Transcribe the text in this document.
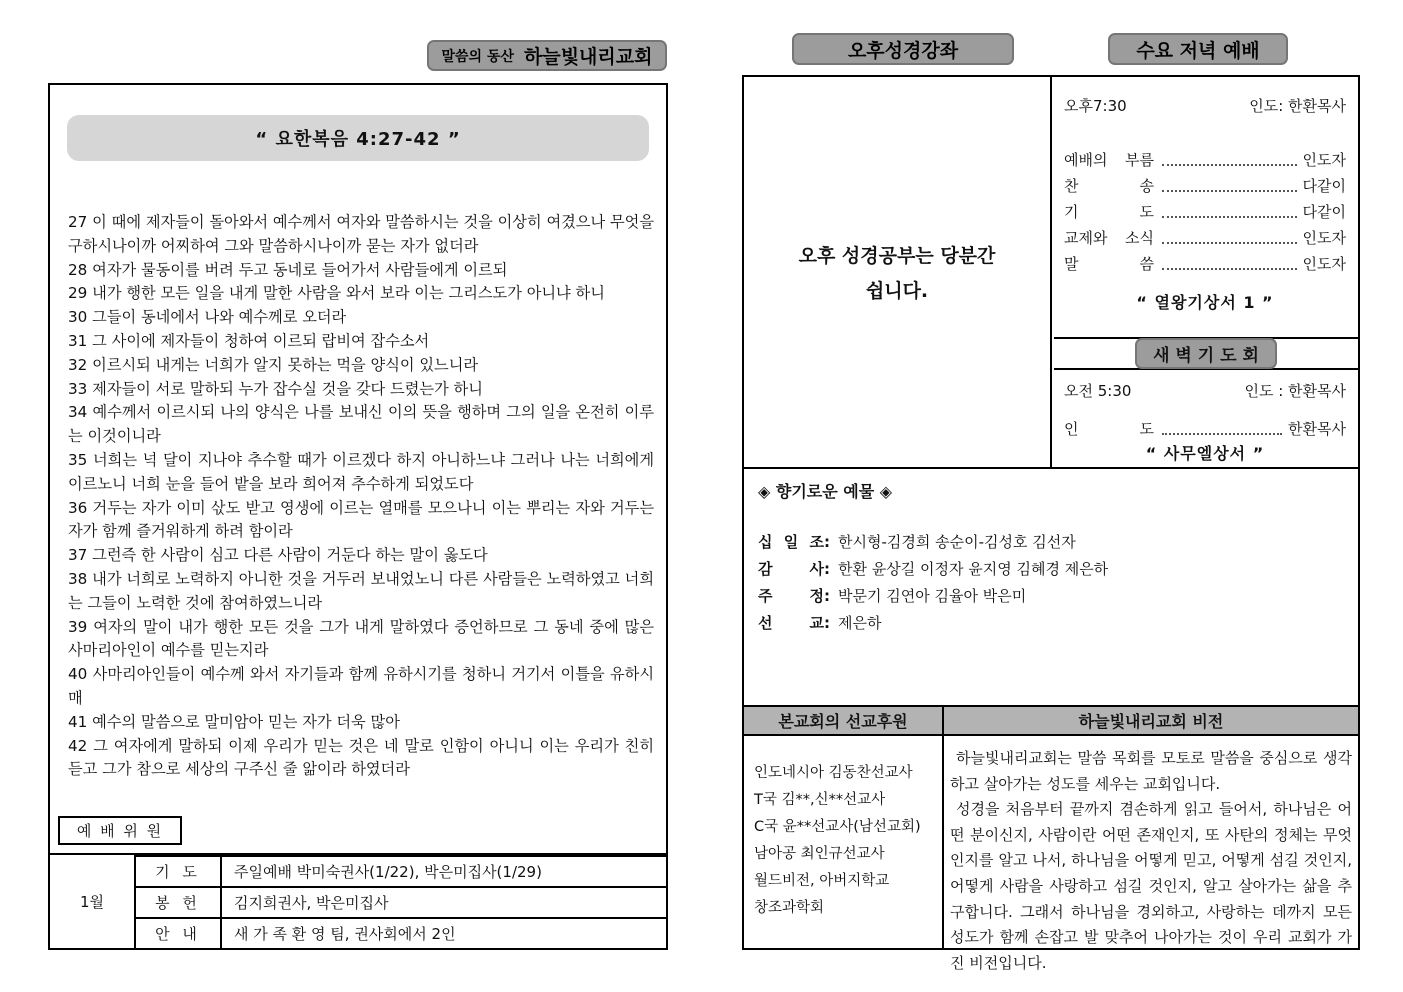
말씀의 동산 하늘빛내리교회
“ 요한복음 4:27-42 ”

27 이 때에 제자들이 돌아와서 예수께서 여자와 말씀하시는 것을 이상히 여겼으나 무엇을 구하시나이까 어찌하여 그와 말씀하시나이까 묻는 자가 없더라

28 여자가 물동이를 버려 두고 동네로 들어가서 사람들에게 이르되

29 내가 행한 모든 일을 내게 말한 사람을 와서 보라 이는 그리스도가 아니냐 하니

30 그들이 동네에서 나와 예수께로 오더라

31 그 사이에 제자들이 청하여 이르되 랍비여 잡수소서

32 이르시되 내게는 너희가 알지 못하는 먹을 양식이 있느니라

33 제자들이 서로 말하되 누가 잡수실 것을 갖다 드렸는가 하니

34 예수께서 이르시되 나의 양식은 나를 보내신 이의 뜻을 행하며 그의 일을 온전히 이루는 이것이니라

35 너희는 넉 달이 지나야 추수할 때가 이르겠다 하지 아니하느냐 그러나 나는 너희에게 이르노니 너희 눈을 들어 밭을 보라 희어져 추수하게 되었도다

36 거두는 자가 이미 삯도 받고 영생에 이르는 열매를 모으나니 이는 뿌리는 자와 거두는 자가 함께 즐거워하게 하려 함이라

37 그런즉 한 사람이 심고 다른 사람이 거둔다 하는 말이 옳도다

38 내가 너희로 노력하지 아니한 것을 거두러 보내었노니 다른 사람들은 노력하였고 너희는 그들이 노력한 것에 참여하였느니라

39 여자의 말이 내가 행한 모든 것을 그가 내게 말하였다 증언하므로 그 동네 중에 많은 사마리아인이 예수를 믿는지라

40 사마리아인들이 예수께 와서 자기들과 함께 유하시기를 청하니 거기서 이틀을 유하시매

41 예수의 말씀으로 말미암아 믿는 자가 더욱 많아

42 그 여자에게 말하되 이제 우리가 믿는 것은 네 말로 인함이 아니니 이는 우리가 친히 듣고 그가 참으로 세상의 구주신 줄 앎이라 하였더라

예 배 위 원
1월
기 도	주일예배 박미숙권사(1/22), 박은미집사(1/29)
봉 헌	김지희권사, 박은미집사
안 내	새 가 족 환 영 팀, 권사회에서 2인
오후성경강좌	수요 저녁 예배
오후 성경공부는 당분간
쉽니다.
오후7:30	인도: 한환목사
예배의 부름	인도자
찬 송	다같이
기 도	다같이
교제와 소식	인도자
말 씀	인도자
“ 열왕기상서 1 ”
새 벽 기 도 회
오전 5:30	인도 : 한환목사
인 도	한환목사
“ 사무엘상서 ”
◈ 향기로운 예물 ◈
십 일 조: 한시형-김경희 송순이-김성호 김선자
감 사: 한환 윤상길 이정자 윤지영 김혜경 제은하
주 정: 박문기 김연아 김율아 박은미
선 교: 제은하
본교회의 선교후원	하늘빛내리교회 비전
인도네시아 김동찬선교사
T국 김**,신**선교사
C국 윤**선교사(남선교회)
남아공 최인규선교사
월드비전, 아버지학교
창조과학회

하늘빛내리교회는 말씀 목회를 모토로 말씀을 중심으로 생각하고 살아가는 성도를 세우는 교회입니다.

성경을 처음부터 끝까지 겸손하게 읽고 들어서, 하나님은 어떤 분이신지, 사람이란 어떤 존재인지, 또 사탄의 정체는 무엇인지를 알고 나서, 하나님을 어떻게 믿고, 어떻게 섬길 것인지, 어떻게 사람을 사랑하고 섬길 것인지, 알고 살아가는 삶을 추구합니다. 그래서 하나님을 경외하고, 사랑하는 데까지 모든 성도가 함께 손잡고 발 맞추어 나아가는 것이 우리 교회가 가진 비전입니다.
